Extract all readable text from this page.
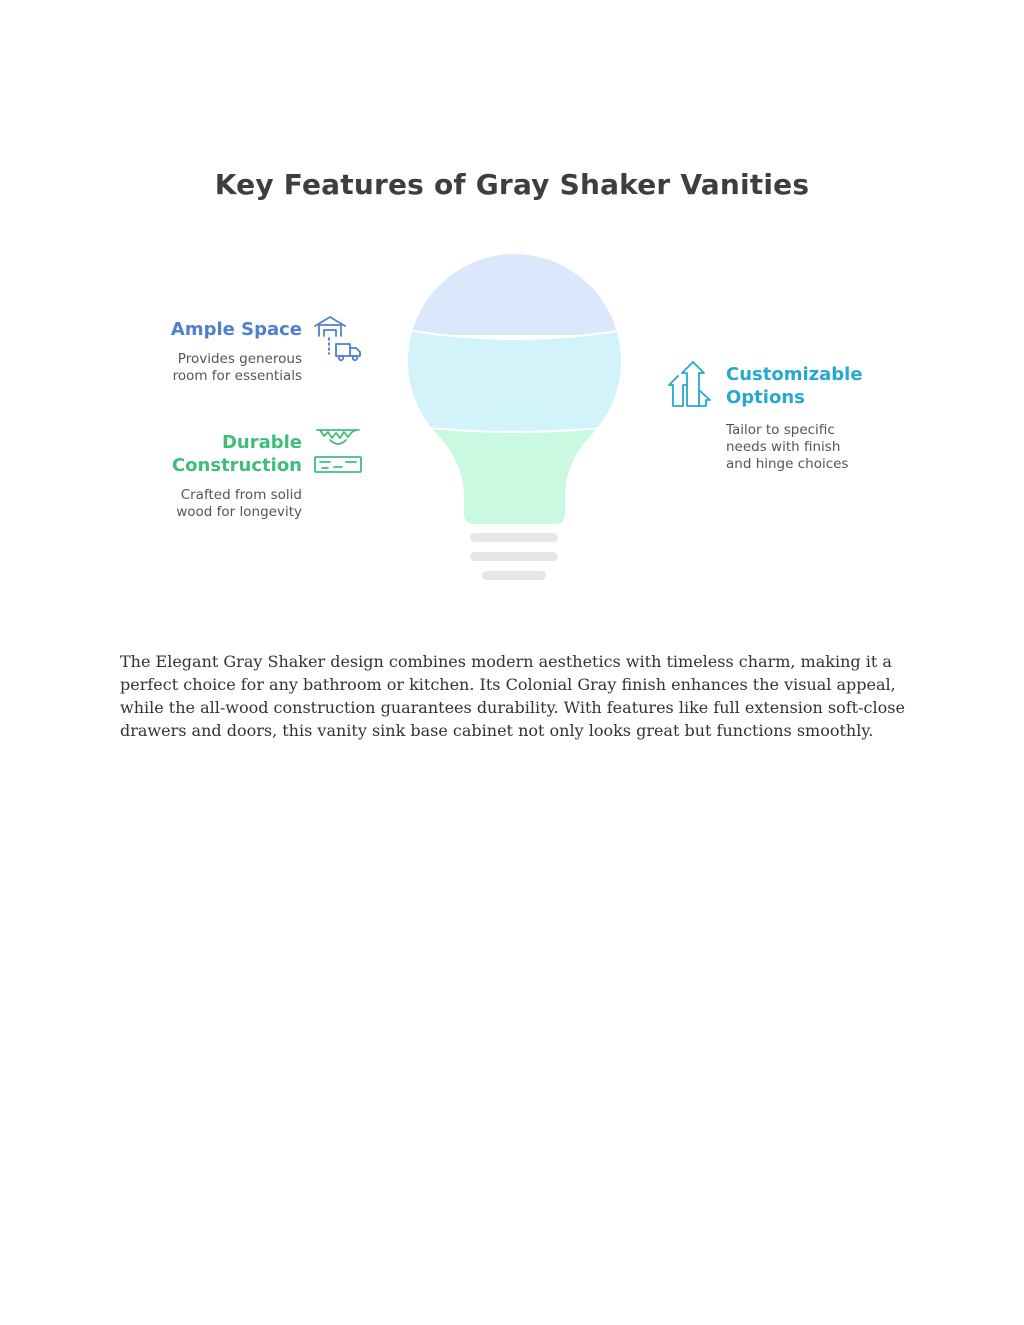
Key Features of Gray Shaker Vanities
Ample Space
Provides generous
room for essentials
Durable
Construction
Crafted from solid
wood for longevity
Customizable
Options
Tailor to specific
needs with finish
and hinge choices

The Elegant Gray Shaker design combines modern aesthetics with timeless charm, making it a perfect choice for any bathroom or kitchen. Its Colonial Gray finish enhances the visual appeal, while the all-wood construction guarantees durability. With features like full extension soft-close drawers and doors, this vanity sink base cabinet not only looks great but functions smoothly.
